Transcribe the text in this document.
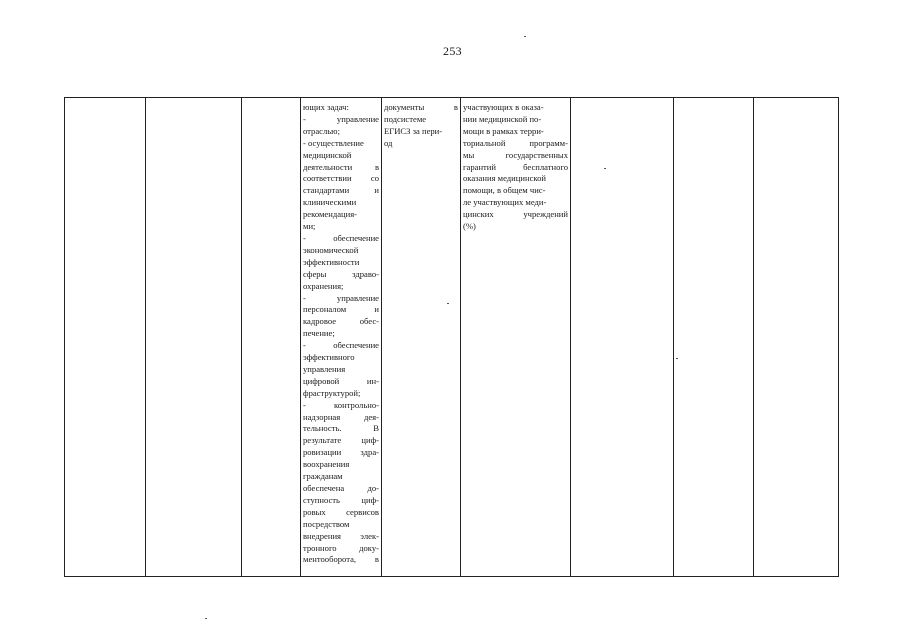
253

ющих задач:
- управление
отраслью;
- осуществление
медицинской
деятельности в
соответствии со
стандартами и
клиническими
рекомендация-
ми;
- обеспечение
экономической
эффективности
сферы здраво-
охранения;
- управление
персоналом и
кадровое обес-
печение;
- обеспечение
эффективного
управления
цифровой ин-
фраструктурой;
- контрольно-
надзорная дея-
тельность. В
результате циф-
ровизации здра-
воохранения
гражданам
обеспечена до-
ступность циф-
ровых сервисов
посредством
внедрения элек-
тронного доку-
ментооборота, в

документы в
подсистеме
ЕГИСЗ за пери-
од

участвующих в оказа-
нии медицинской по-
мощи в рамках терри-
ториальной программ-
мы государственных
гарантий бесплатного
оказания медицинской
помощи, в общем чис-
ле участвующих меди-
цинских учреждений
(%)
